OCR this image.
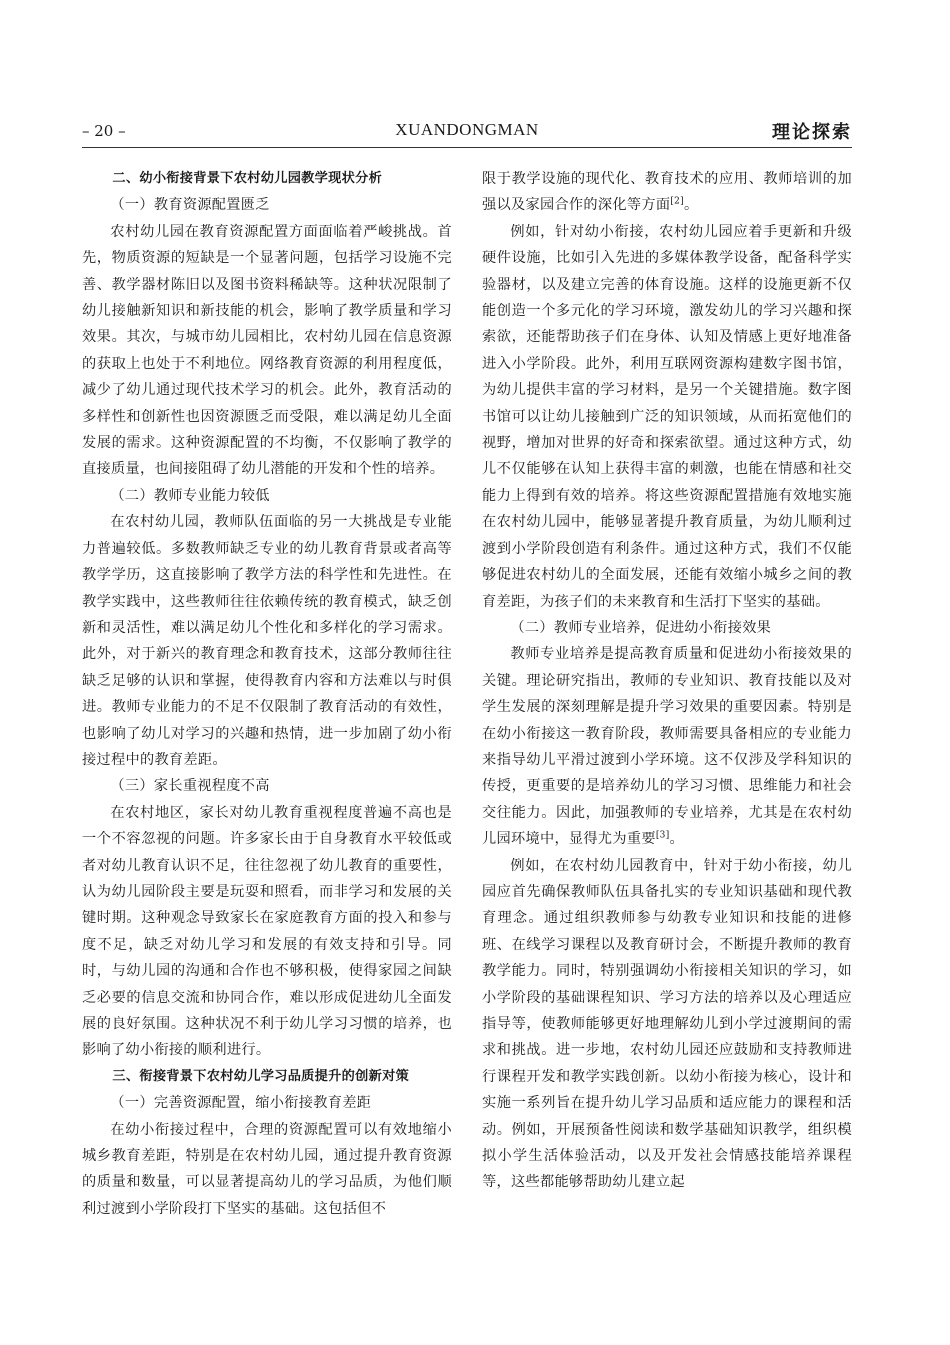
– 20 –	XUANDONGMAN	理论探索

二、幼小衔接背景下农村幼儿园教学现状分析

（一）教育资源配置匮乏

农村幼儿园在教育资源配置方面面临着严峻挑战。首先，物质资源的短缺是一个显著问题，包括学习设施不完善、教学器材陈旧以及图书资料稀缺等。这种状况限制了幼儿接触新知识和新技能的机会，影响了教学质量和学习效果。其次，与城市幼儿园相比，农村幼儿园在信息资源的获取上也处于不利地位。网络教育资源的利用程度低，减少了幼儿通过现代技术学习的机会。此外，教育活动的多样性和创新性也因资源匮乏而受限，难以满足幼儿全面发展的需求。这种资源配置的不均衡，不仅影响了教学的直接质量，也间接阻碍了幼儿潜能的开发和个性的培养。

（二）教师专业能力较低

在农村幼儿园，教师队伍面临的另一大挑战是专业能力普遍较低。多数教师缺乏专业的幼儿教育背景或者高等教学学历，这直接影响了教学方法的科学性和先进性。在教学实践中，这些教师往往依赖传统的教育模式，缺乏创新和灵活性，难以满足幼儿个性化和多样化的学习需求。此外，对于新兴的教育理念和教育技术，这部分教师往往缺乏足够的认识和掌握，使得教育内容和方法难以与时俱进。教师专业能力的不足不仅限制了教育活动的有效性，也影响了幼儿对学习的兴趣和热情，进一步加剧了幼小衔接过程中的教育差距。

（三）家长重视程度不高

在农村地区，家长对幼儿教育重视程度普遍不高也是一个不容忽视的问题。许多家长由于自身教育水平较低或者对幼儿教育认识不足，往往忽视了幼儿教育的重要性，认为幼儿园阶段主要是玩耍和照看，而非学习和发展的关键时期。这种观念导致家长在家庭教育方面的投入和参与度不足，缺乏对幼儿学习和发展的有效支持和引导。同时，与幼儿园的沟通和合作也不够积极，使得家园之间缺乏必要的信息交流和协同合作，难以形成促进幼儿全面发展的良好氛围。这种状况不利于幼儿学习习惯的培养，也影响了幼小衔接的顺利进行。

三、衔接背景下农村幼儿学习品质提升的创新对策

（一）完善资源配置，缩小衔接教育差距

在幼小衔接过程中，合理的资源配置可以有效地缩小城乡教育差距，特别是在农村幼儿园，通过提升教育资源的质量和数量，可以显著提高幼儿的学习品质，为他们顺利过渡到小学阶段打下坚实的基础。这包括但不

限于教学设施的现代化、教育技术的应用、教师培训的加强以及家园合作的深化等方面[2]。

例如，针对幼小衔接，农村幼儿园应着手更新和升级硬件设施，比如引入先进的多媒体教学设备，配备科学实验器材，以及建立完善的体育设施。这样的设施更新不仅能创造一个多元化的学习环境，激发幼儿的学习兴趣和探索欲，还能帮助孩子们在身体、认知及情感上更好地准备进入小学阶段。此外，利用互联网资源构建数字图书馆，为幼儿提供丰富的学习材料，是另一个关键措施。数字图书馆可以让幼儿接触到广泛的知识领域，从而拓宽他们的视野，增加对世界的好奇和探索欲望。通过这种方式，幼儿不仅能够在认知上获得丰富的刺激，也能在情感和社交能力上得到有效的培养。将这些资源配置措施有效地实施在农村幼儿园中，能够显著提升教育质量，为幼儿顺利过渡到小学阶段创造有利条件。通过这种方式，我们不仅能够促进农村幼儿的全面发展，还能有效缩小城乡之间的教育差距，为孩子们的未来教育和生活打下坚实的基础。

（二）教师专业培养，促进幼小衔接效果

教师专业培养是提高教育质量和促进幼小衔接效果的关键。理论研究指出，教师的专业知识、教育技能以及对学生发展的深刻理解是提升学习效果的重要因素。特别是在幼小衔接这一教育阶段，教师需要具备相应的专业能力来指导幼儿平滑过渡到小学环境。这不仅涉及学科知识的传授，更重要的是培养幼儿的学习习惯、思维能力和社会交往能力。因此，加强教师的专业培养，尤其是在农村幼儿园环境中，显得尤为重要[3]。

例如，在农村幼儿园教育中，针对于幼小衔接，幼儿园应首先确保教师队伍具备扎实的专业知识基础和现代教育理念。通过组织教师参与幼教专业知识和技能的进修班、在线学习课程以及教育研讨会，不断提升教师的教育教学能力。同时，特别强调幼小衔接相关知识的学习，如小学阶段的基础课程知识、学习方法的培养以及心理适应指导等，使教师能够更好地理解幼儿到小学过渡期间的需求和挑战。进一步地，农村幼儿园还应鼓励和支持教师进行课程开发和教学实践创新。以幼小衔接为核心，设计和实施一系列旨在提升幼儿学习品质和适应能力的课程和活动。例如，开展预备性阅读和数学基础知识教学，组织模拟小学生活体验活动，以及开发社会情感技能培养课程等，这些都能够帮助幼儿建立起
